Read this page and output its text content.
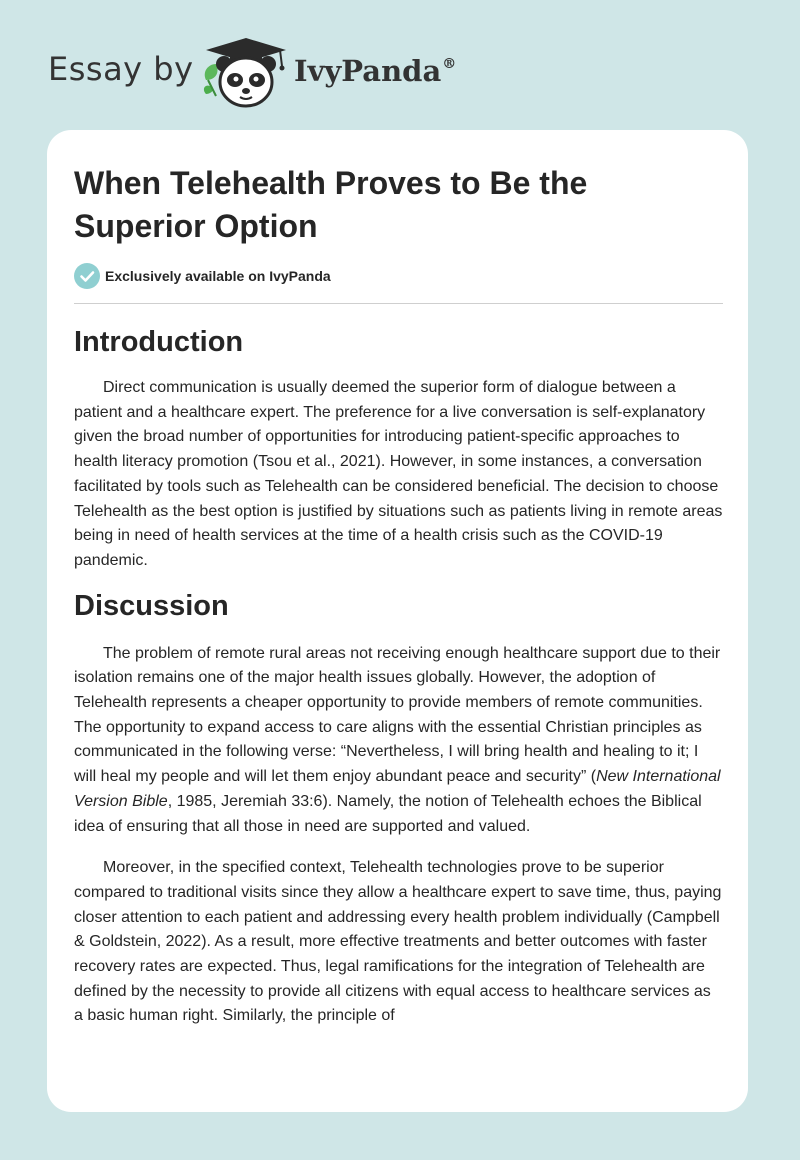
Essay by	IvyPanda®
When Telehealth Proves to Be the Superior Option
Exclusively available on IvyPanda
Introduction

Direct communication is usually deemed the superior form of dialogue between a patient and a healthcare expert. The preference for a live conversation is self-explanatory given the broad number of opportunities for introducing patient-specific approaches to health literacy promotion (Tsou et al., 2021). However, in some instances, a conversation facilitated by tools such as Telehealth can be considered beneficial. The decision to choose Telehealth as the best option is justified by situations such as patients living in remote areas being in need of health services at the time of a health crisis such as the COVID-19 pandemic.

Discussion

The problem of remote rural areas not receiving enough healthcare support due to their isolation remains one of the major health issues globally. However, the adoption of Telehealth represents a cheaper opportunity to provide members of remote communities. The opportunity to expand access to care aligns with the essential Christian principles as communicated in the following verse: “Nevertheless, I will bring health and healing to it; I will heal my people and will let them enjoy abundant peace and security” (New International Version Bible, 1985, Jeremiah 33:6). Namely, the notion of Telehealth echoes the Biblical idea of ensuring that all those in need are supported and valued.

Moreover, in the specified context, Telehealth technologies prove to be superior compared to traditional visits since they allow a healthcare expert to save time, thus, paying closer attention to each patient and addressing every health problem individually (Campbell & Goldstein, 2022). As a result, more effective treatments and better outcomes with faster recovery rates are expected. Thus, legal ramifications for the integration of Telehealth are defined by the necessity to provide all citizens with equal access to healthcare services as a basic human right. Similarly, the principle of
